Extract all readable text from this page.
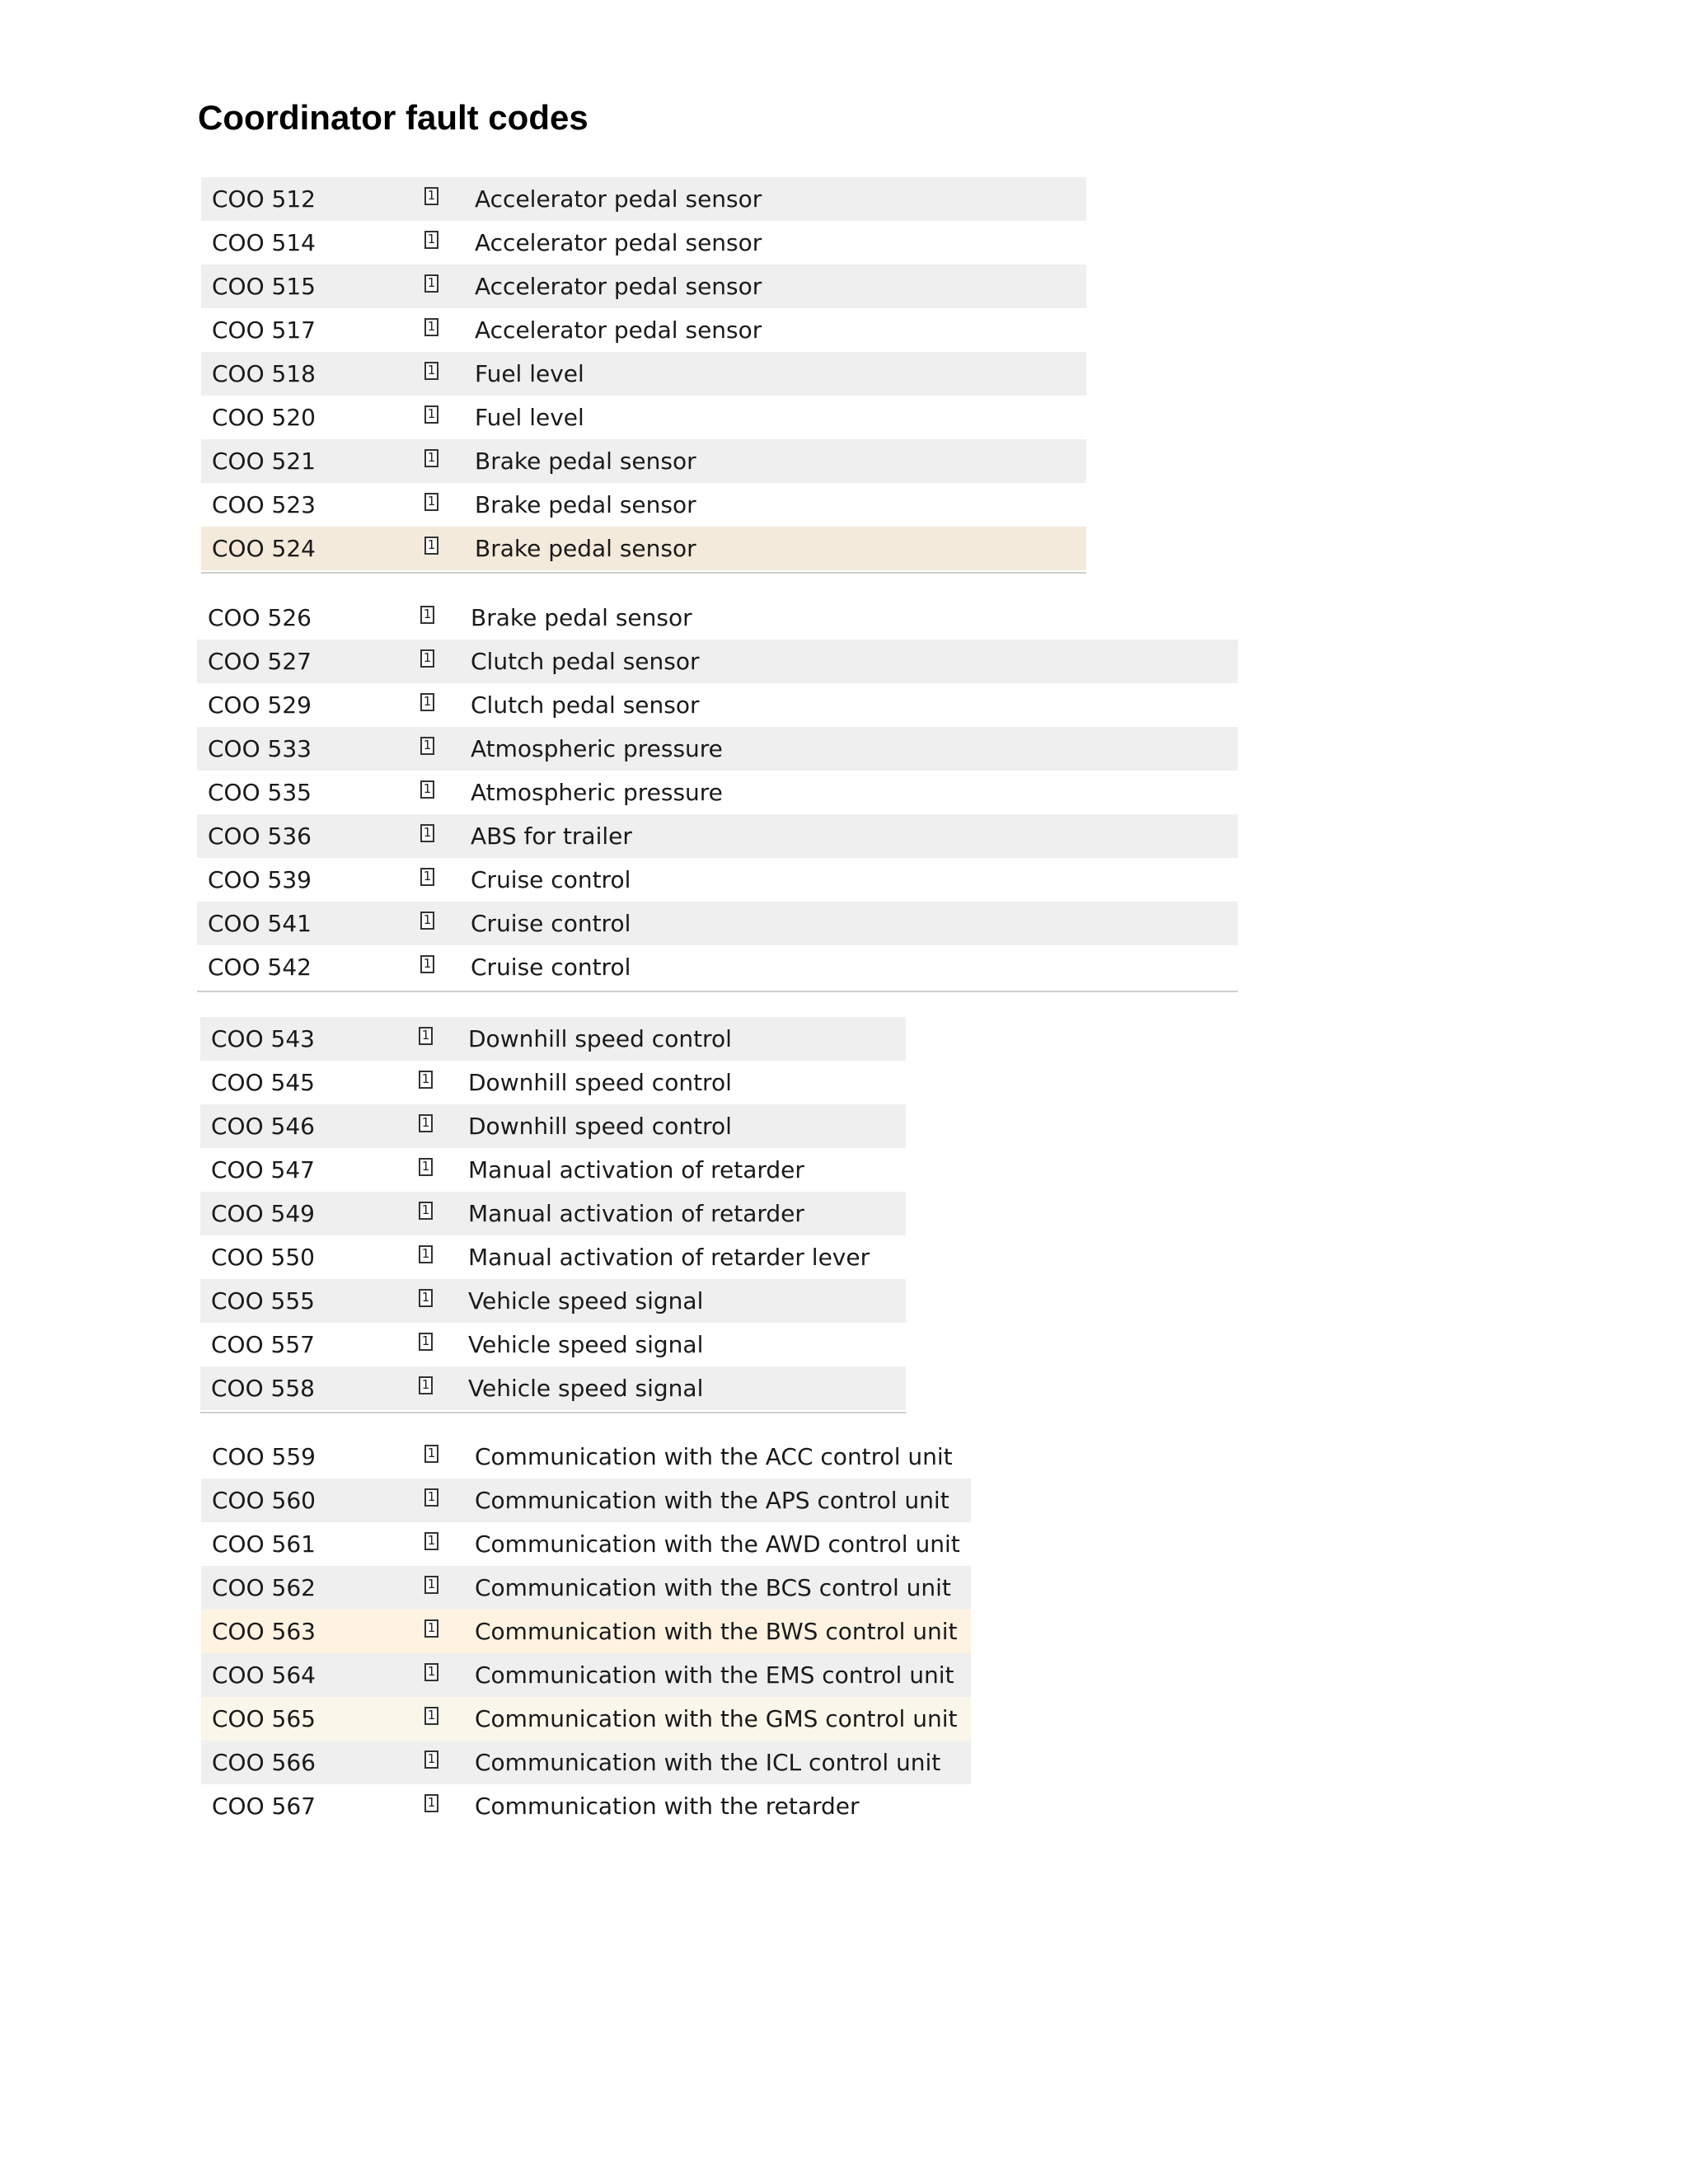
Coordinator fault codes
COO 512	1 Accelerator pedal sensor
COO 514	1 Accelerator pedal sensor
COO 515	1 Accelerator pedal sensor
COO 517	1 Accelerator pedal sensor
COO 518	1 Fuel level
COO 520	1 Fuel level
COO 521	1 Brake pedal sensor
COO 523	1 Brake pedal sensor
COO 524	1 Brake pedal sensor
COO 526	1 Brake pedal sensor
COO 527	1 Clutch pedal sensor
COO 529	1 Clutch pedal sensor
COO 533	1 Atmospheric pressure
COO 535	1 Atmospheric pressure
COO 536	1 ABS for trailer
COO 539	1 Cruise control
COO 541	1 Cruise control
COO 542	1 Cruise control
COO 543	1 Downhill speed control
COO 545	1 Downhill speed control
COO 546	1 Downhill speed control
COO 547	1 Manual activation of retarder
COO 549	1 Manual activation of retarder
COO 550	1 Manual activation of retarder lever
COO 555	1 Vehicle speed signal
COO 557	1 Vehicle speed signal
COO 558	1 Vehicle speed signal
COO 559	1 Communication with the ACC control unit
COO 560	1 Communication with the APS control unit
COO 561	1 Communication with the AWD control unit
COO 562	1 Communication with the BCS control unit
COO 563	1 Communication with the BWS control unit
COO 564	1 Communication with the EMS control unit
COO 565	1 Communication with the GMS control unit
COO 566	1 Communication with the ICL control unit
COO 567	1 Communication with the retarder
